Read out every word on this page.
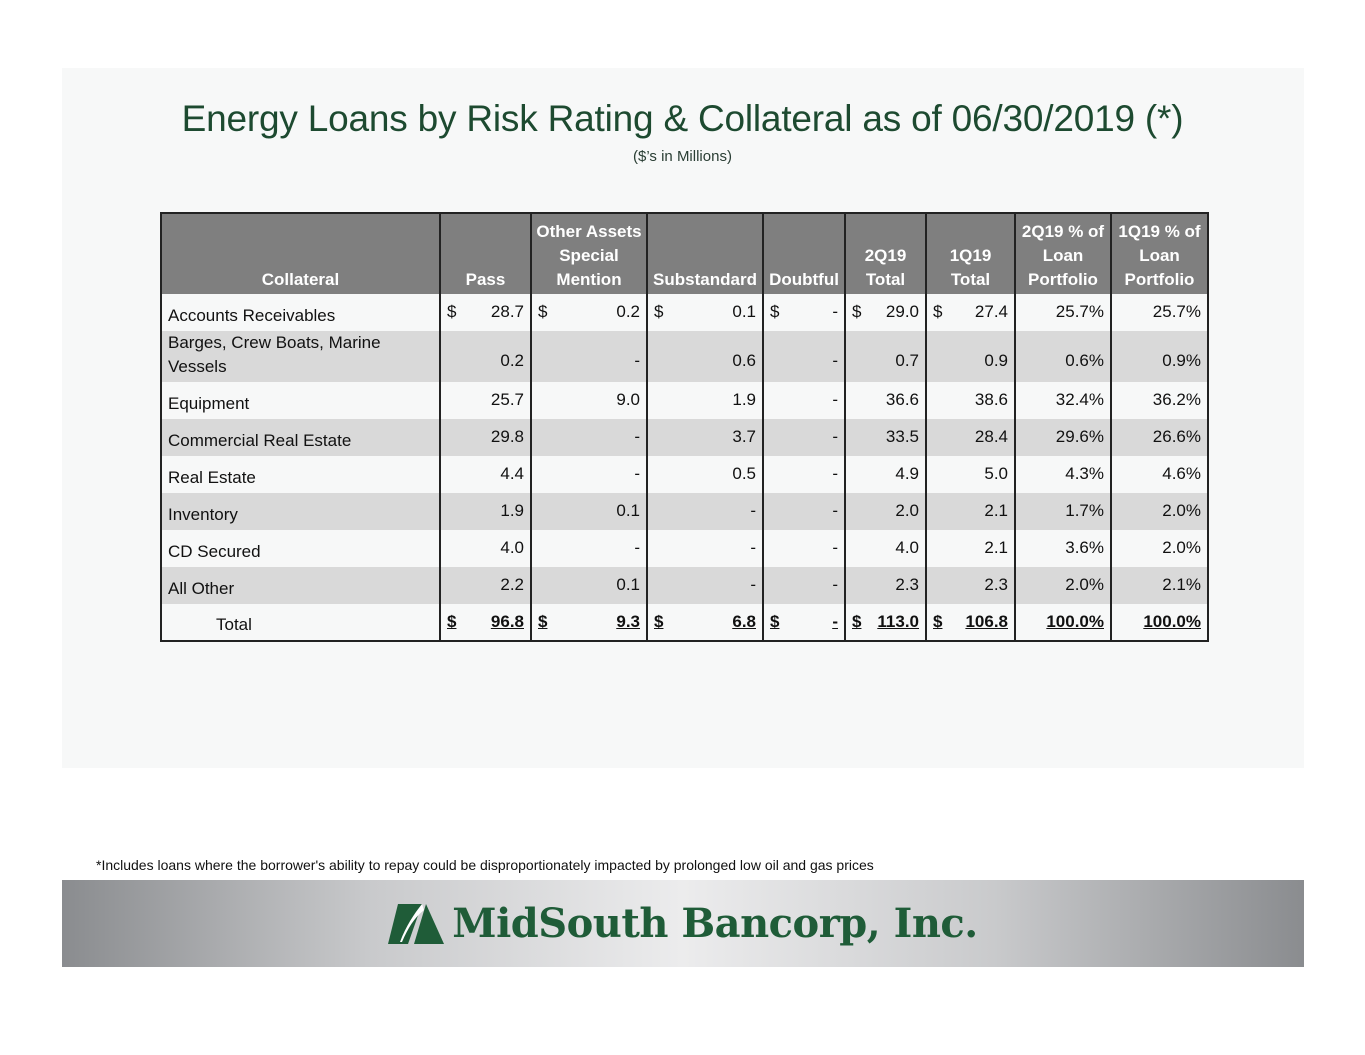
Energy Loans by Risk Rating & Collateral as of 06/30/2019 (*)
($’s in Millions)
Collateral	Pass	Other Assets Special Mention	Substandard	Doubtful	2Q19 Total	1Q19 Total	2Q19 % of Loan Portfolio	1Q19 % of Loan Portfolio
Accounts Receivables	$ 28.7	$ 0.2	$ 0.1	$ -	$ 29.0	$ 27.4	25.7%	25.7%
Barges, Crew Boats, Marine Vessels	0.2	-	0.6	-	0.7	0.9	0.6%	0.9%
Equipment	25.7	9.0	1.9	-	36.6	38.6	32.4%	36.2%
Commercial Real Estate	29.8	-	3.7	-	33.5	28.4	29.6%	26.6%
Real Estate	4.4	-	0.5	-	4.9	5.0	4.3%	4.6%
Inventory	1.9	0.1	-	-	2.0	2.1	1.7%	2.0%
CD Secured	4.0	-	-	-	4.0	2.1	3.6%	2.0%
All Other	2.2	0.1	-	-	2.3	2.3	2.0%	2.1%
Total	$ 96.8	$ 9.3	$ 6.8	$ -	$ 113.0	$ 106.8	100.0%	100.0%
*Includes loans where the borrower's ability to repay could be disproportionately impacted by prolonged low oil and gas prices
MidSouth Bancorp, Inc.
